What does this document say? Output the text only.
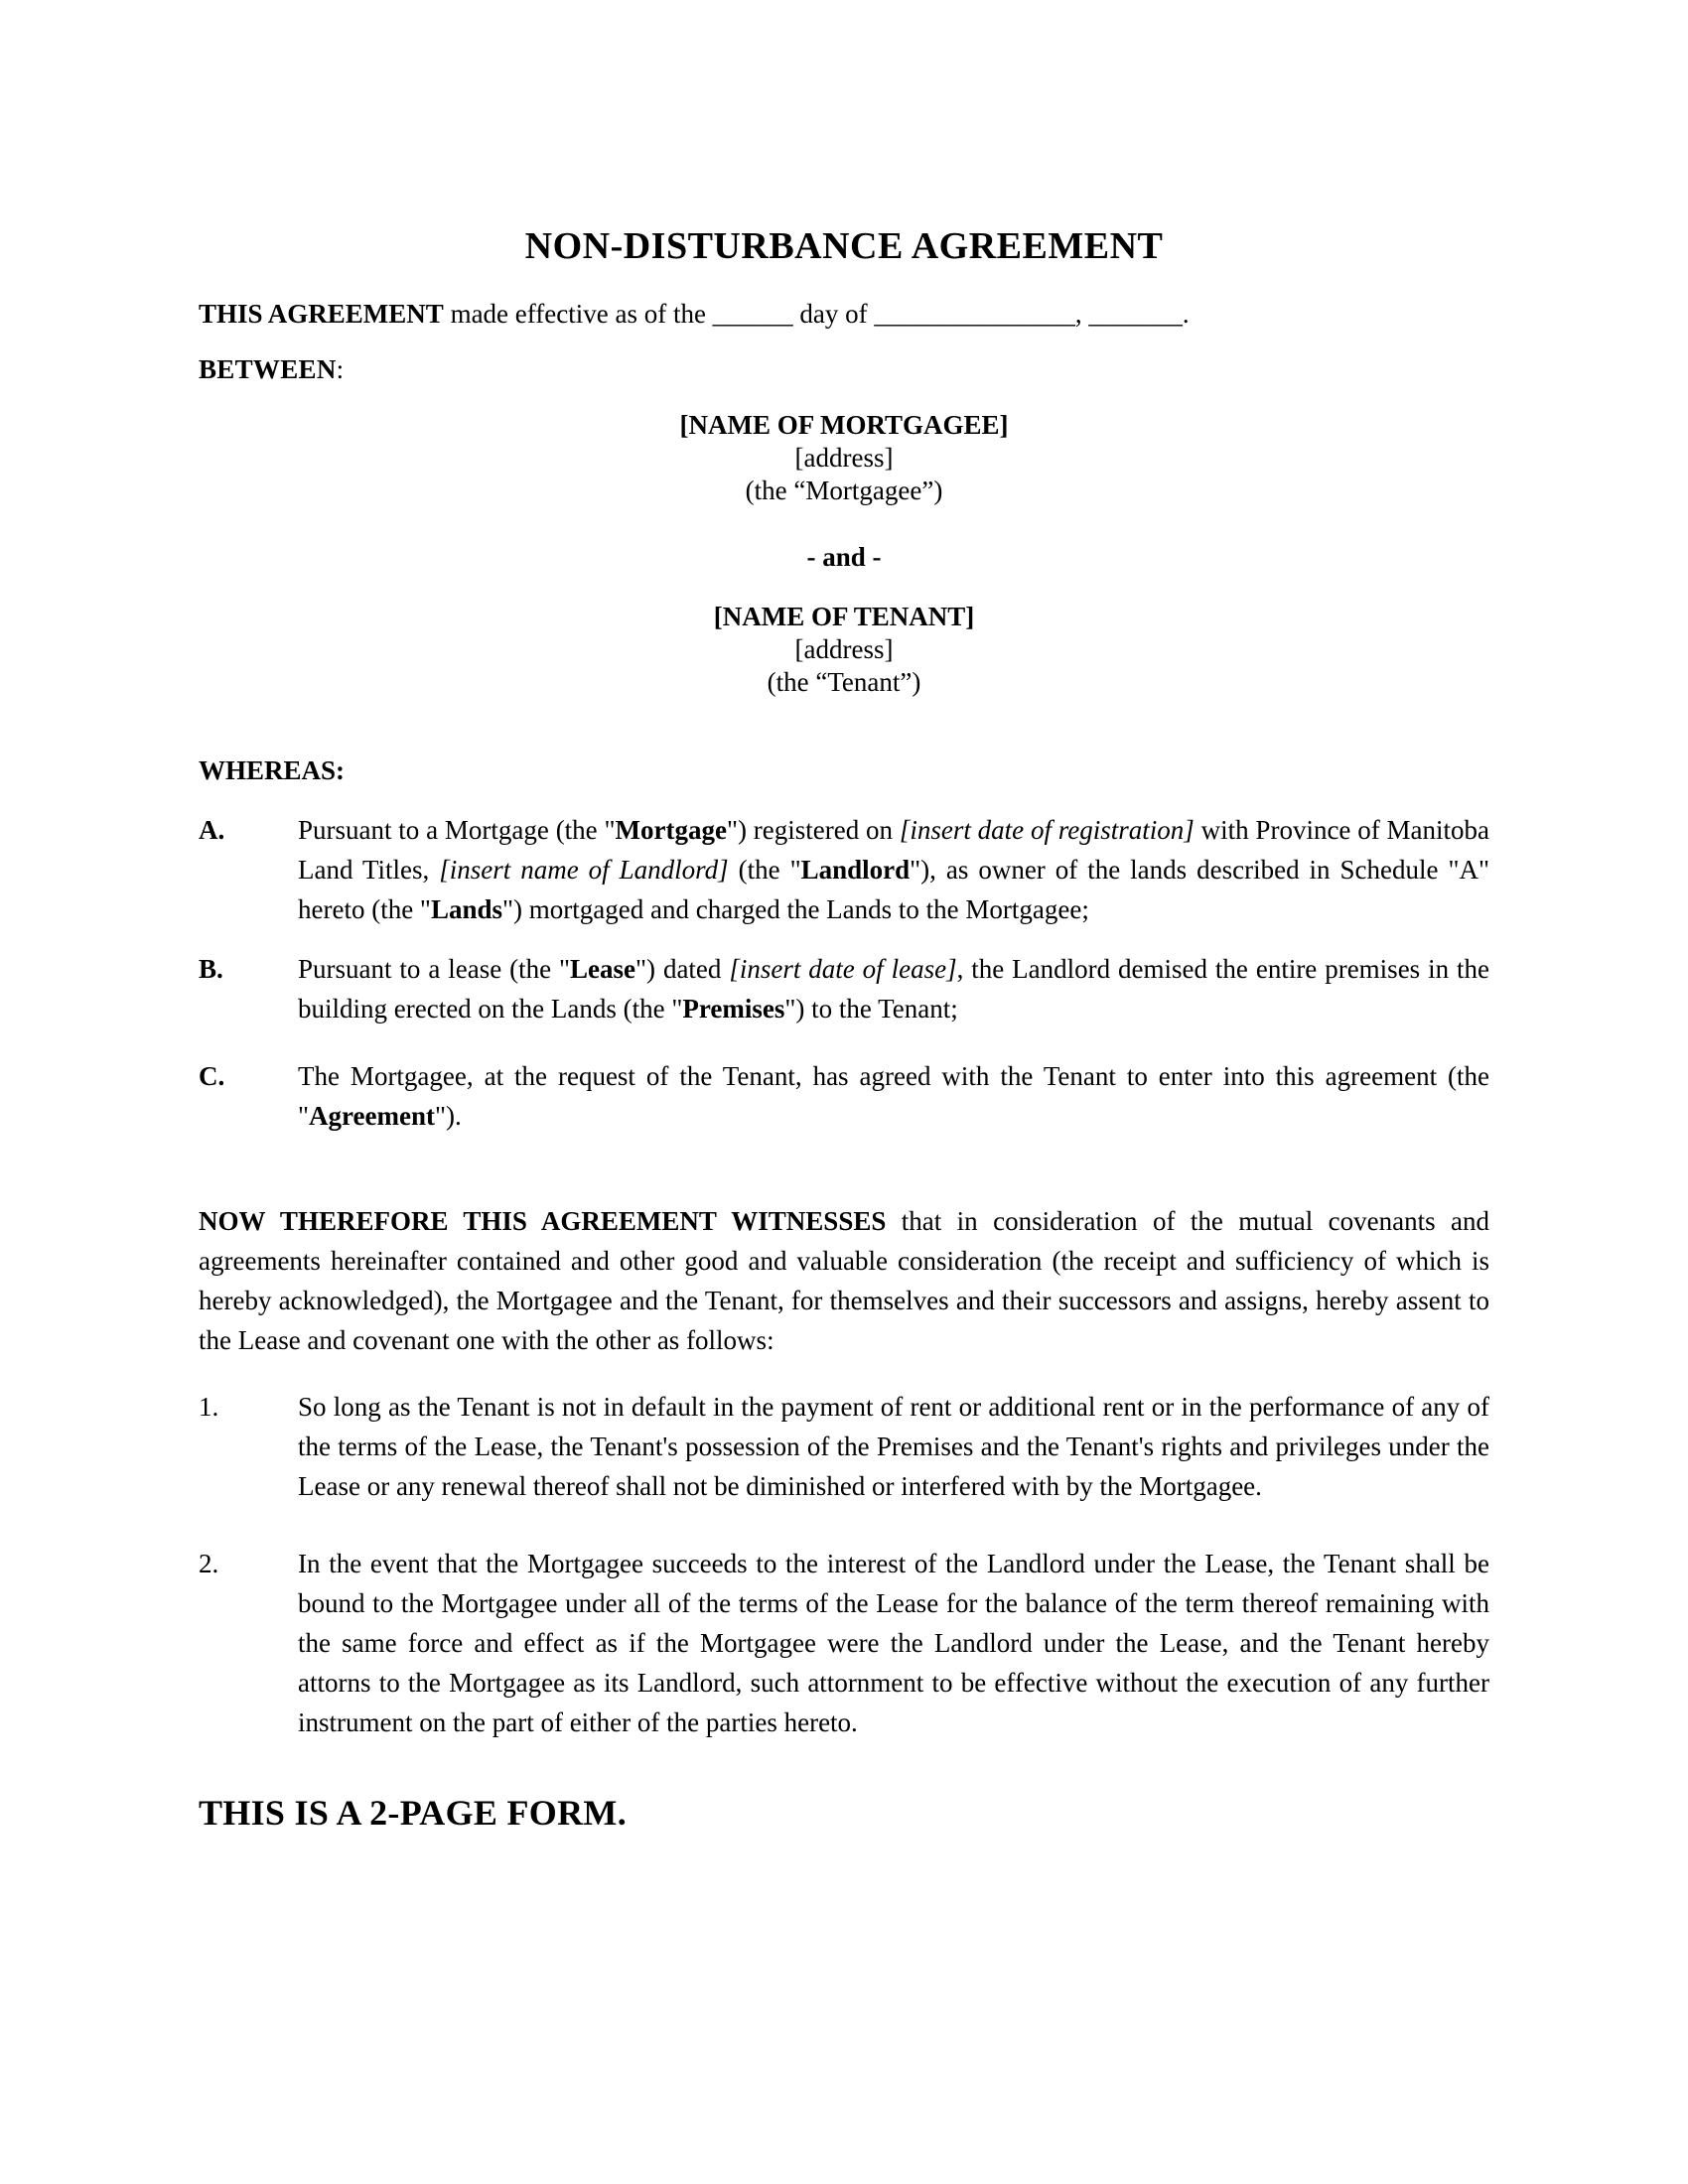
NON-DISTURBANCE AGREEMENT

THIS AGREEMENT made effective as of the ______ day of _______________, _______.

BETWEEN:

[NAME OF MORTGAGEE]
[address]
(the “Mortgagee”)
- and -
[NAME OF TENANT]
[address]
(the “Tenant”)

WHEREAS:

A.	Pursuant to a Mortgage (the "Mortgage") registered on [insert date of registration] with Province of Manitoba Land Titles, [insert name of Landlord] (the "Landlord"), as owner of the lands described in Schedule "A" hereto (the "Lands") mortgaged and charged the Lands to the Mortgagee;
B.	Pursuant to a lease (the "Lease") dated [insert date of lease], the Landlord demised the entire premises in the building erected on the Lands (the "Premises") to the Tenant;
C.	The Mortgagee, at the request of the Tenant, has agreed with the Tenant to enter into this agreement (the "Agreement").

NOW THEREFORE THIS AGREEMENT WITNESSES that in consideration of the mutual covenants and agreements hereinafter contained and other good and valuable consideration (the receipt and sufficiency of which is hereby acknowledged), the Mortgagee and the Tenant, for themselves and their successors and assigns, hereby assent to the Lease and covenant one with the other as follows:

1.	So long as the Tenant is not in default in the payment of rent or additional rent or in the performance of any of the terms of the Lease, the Tenant's possession of the Premises and the Tenant's rights and privileges under the Lease or any renewal thereof shall not be diminished or interfered with by the Mortgagee.
2.	In the event that the Mortgagee succeeds to the interest of the Landlord under the Lease, the Tenant shall be bound to the Mortgagee under all of the terms of the Lease for the balance of the term thereof remaining with the same force and effect as if the Mortgagee were the Landlord under the Lease, and the Tenant hereby attorns to the Mortgagee as its Landlord, such attornment to be effective without the execution of any further instrument on the part of either of the parties hereto.

THIS IS A 2-PAGE FORM.
